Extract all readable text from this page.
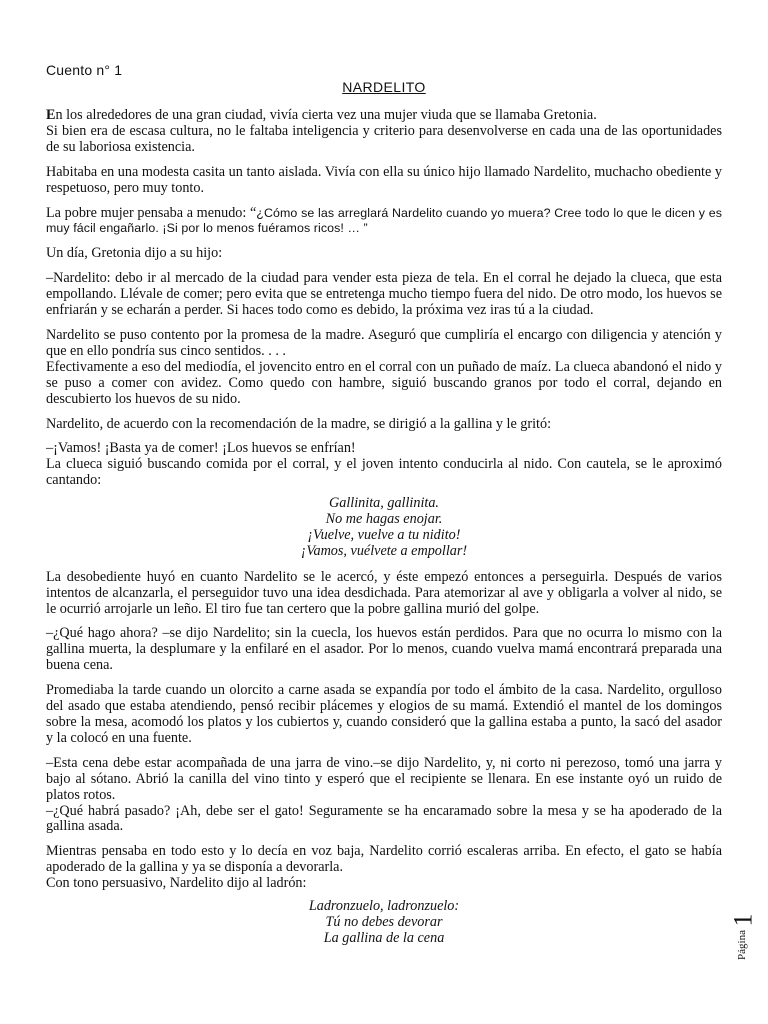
Cuento n° 1
NARDELITO

En los alrededores de una gran ciudad, vivía cierta vez una mujer viuda que se llamaba Gretonia.

Si bien era de escasa cultura, no le faltaba inteligencia y criterio para desenvolverse en cada una de las oportunidades de su laboriosa existencia.

Habitaba en una modesta casita un tanto aislada. Vivía con ella su único hijo llamado Nardelito, muchacho obediente y respetuoso, pero muy tonto.

La pobre mujer pensaba a menudo: “¿Cómo se las arreglará Nardelito cuando yo muera? Cree todo lo que le dicen y es muy fácil engañarlo. ¡Si por lo menos fuéramos ricos! … ”

Un día, Gretonia dijo a su hijo:

–Nardelito: debo ir al mercado de la ciudad para vender esta pieza de tela. En el corral he dejado la clueca, que esta empollando. Llévale de comer; pero evita que se entretenga mucho tiempo fuera del nido. De otro modo, los huevos se enfriarán y se echarán a perder. Si haces todo como es debido, la próxima vez iras tú a la ciudad.

Nardelito se puso contento por la promesa de la madre. Aseguró que cumpliría el encargo con diligencia y atención y que en ello pondría sus cinco sentidos. . . .

Efectivamente a eso del mediodía, el jovencito entro en el corral con un puñado de maíz. La clueca abandonó el nido y se puso a comer con avidez. Como quedo con hambre, siguió buscando granos por todo el corral, dejando en descubierto los huevos de su nido.

Nardelito, de acuerdo con la recomendación de la madre, se dirigió a la gallina y le gritó:

–¡Vamos! ¡Basta ya de comer! ¡Los huevos se enfrían!

La clueca siguió buscando comida por el corral, y el joven intento conducirla al nido. Con cautela, se le aproximó cantando:

Gallinita, gallinita.
No me hagas enojar.
¡Vuelve, vuelve a tu nidito!
¡Vamos, vuélvete a empollar!

La desobediente huyó en cuanto Nardelito se le acercó, y éste empezó entonces a perseguirla. Después de varios intentos de alcanzarla, el perseguidor tuvo una idea desdichada. Para atemorizar al ave y obligarla a volver al nido, se le ocurrió arrojarle un leño. El tiro fue tan certero que la pobre gallina murió del golpe.

–¿Qué hago ahora? –se dijo Nardelito; sin la cuecla, los huevos están perdidos. Para que no ocurra lo mismo con la gallina muerta, la desplumare y la enfilaré en el asador. Por lo menos, cuando vuelva mamá encontrará preparada una buena cena.

Promediaba la tarde cuando un olorcito a carne asada se expandía por todo el ámbito de la casa. Nardelito, orgulloso del asado que estaba atendiendo, pensó recibir plácemes y elogios de su mamá. Extendió el mantel de los domingos sobre la mesa, acomodó los platos y los cubiertos y, cuando consideró que la gallina estaba a punto, la sacó del asador y la colocó en una fuente.

–Esta cena debe estar acompañada de una jarra de vino.–se dijo Nardelito, y, ni corto ni perezoso, tomó una jarra y bajo al sótano. Abrió la canilla del vino tinto y esperó que el recipiente se llenara. En ese instante oyó un ruido de platos rotos.

–¿Qué habrá pasado? ¡Ah, debe ser el gato! Seguramente se ha encaramado sobre la mesa y se ha apoderado de la gallina asada.

Mientras pensaba en todo esto y lo decía en voz baja, Nardelito corrió escaleras arriba. En efecto, el gato se había apoderado de la gallina y ya se disponía a devorarla.

Con tono persuasivo, Nardelito dijo al ladrón:

Ladronzuelo, ladronzuelo:
Tú no debes devorar
La gallina de la cena	Página
1
